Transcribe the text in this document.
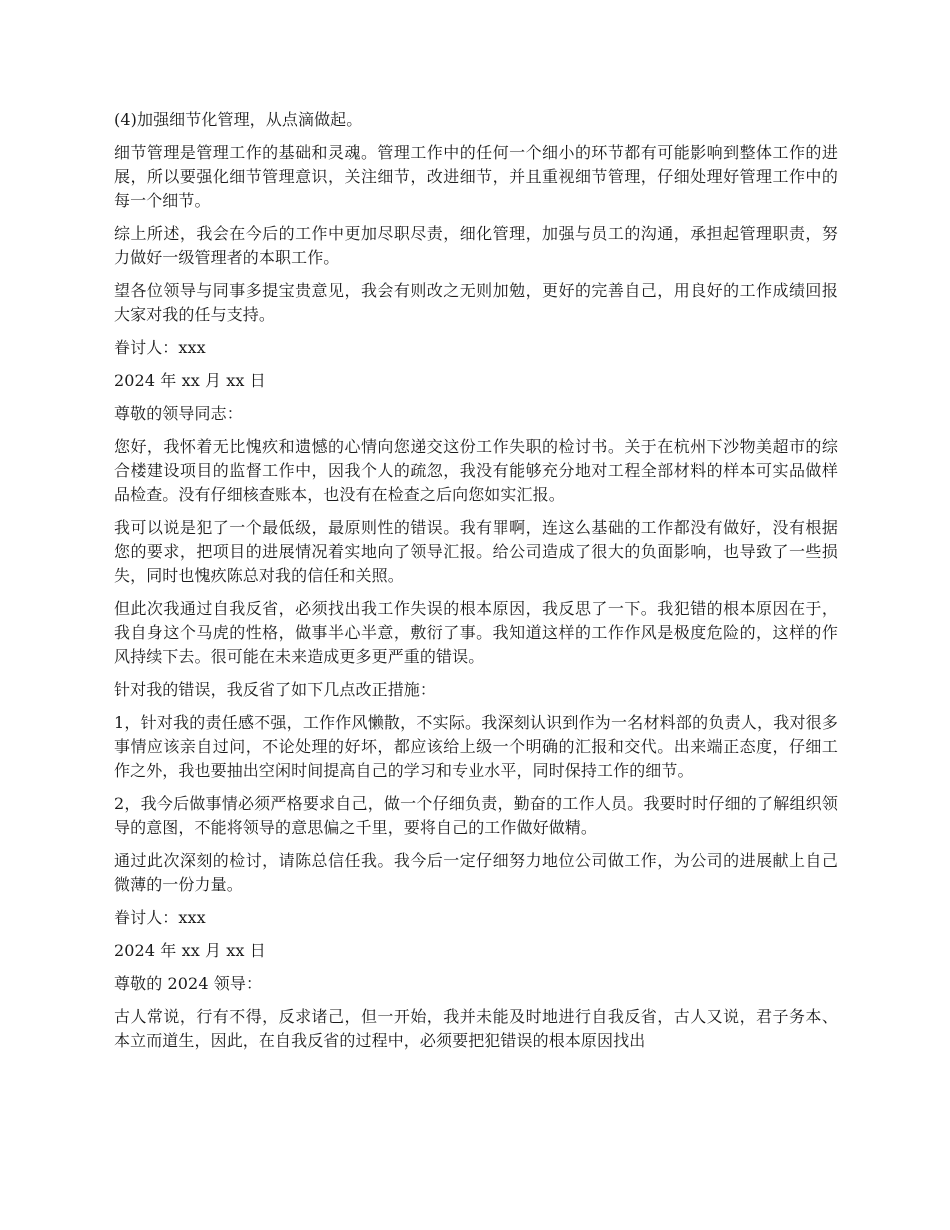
(4)加强细节化管理，从点滴做起。

细节管理是管理工作的基础和灵魂。管理工作中的任何一个细小的环节都有可能影响到整体工作的进展，所以要强化细节管理意识，关注细节，改进细节，并且重视细节管理，仔细处理好管理工作中的每一个细节。

综上所述，我会在今后的工作中更加尽职尽责，细化管理，加强与员工的沟通，承担起管理职责，努力做好一级管理者的本职工作。

望各位领导与同事多提宝贵意见，我会有则改之无则加勉，更好的完善自己，用良好的工作成绩回报大家对我的任与支持。

眷讨人：xxx

2024 年 xx 月 xx 日

尊敬的领导同志：

您好，我怀着无比愧疚和遗憾的心情向您递交这份工作失职的检讨书。关于在杭州下沙物美超市的综合楼建设项目的监督工作中，因我个人的疏忽，我没有能够充分地对工程全部材料的样本可实品做样品检查。没有仔细核查账本，也没有在检查之后向您如实汇报。

我可以说是犯了一个最低级，最原则性的错误。我有罪啊，连这么基础的工作都没有做好，没有根据您的要求，把项目的进展情况着实地向了领导汇报。给公司造成了很大的负面影响，也导致了一些损失，同时也愧疚陈总对我的信任和关照。

但此次我通过自我反省，必须找出我工作失误的根本原因，我反思了一下。我犯错的根本原因在于，我自身这个马虎的性格，做事半心半意，敷衍了事。我知道这样的工作作风是极度危险的，这样的作风持续下去。很可能在未来造成更多更严重的错误。

针对我的错误，我反省了如下几点改正措施：

1，针对我的责任感不强，工作作风懒散，不实际。我深刻认识到作为一名材料部的负责人，我对很多事情应该亲自过问，不论处理的好坏，都应该给上级一个明确的汇报和交代。出来端正态度，仔细工作之外，我也要抽出空闲时间提高自己的学习和专业水平，同时保持工作的细节。

2，我今后做事情必须严格要求自己，做一个仔细负责，勤奋的工作人员。我要时时仔细的了解组织领导的意图，不能将领导的意思偏之千里，要将自己的工作做好做精。

通过此次深刻的检讨，请陈总信任我。我今后一定仔细努力地位公司做工作，为公司的进展献上自己微薄的一份力量。

眷讨人：xxx

2024 年 xx 月 xx 日

尊敬的 2024 领导：

古人常说，行有不得，反求诸己，但一开始，我并未能及时地进行自我反省，古人又说，君子务本、本立而道生，因此，在自我反省的过程中，必须要把犯错误的根本原因找出
